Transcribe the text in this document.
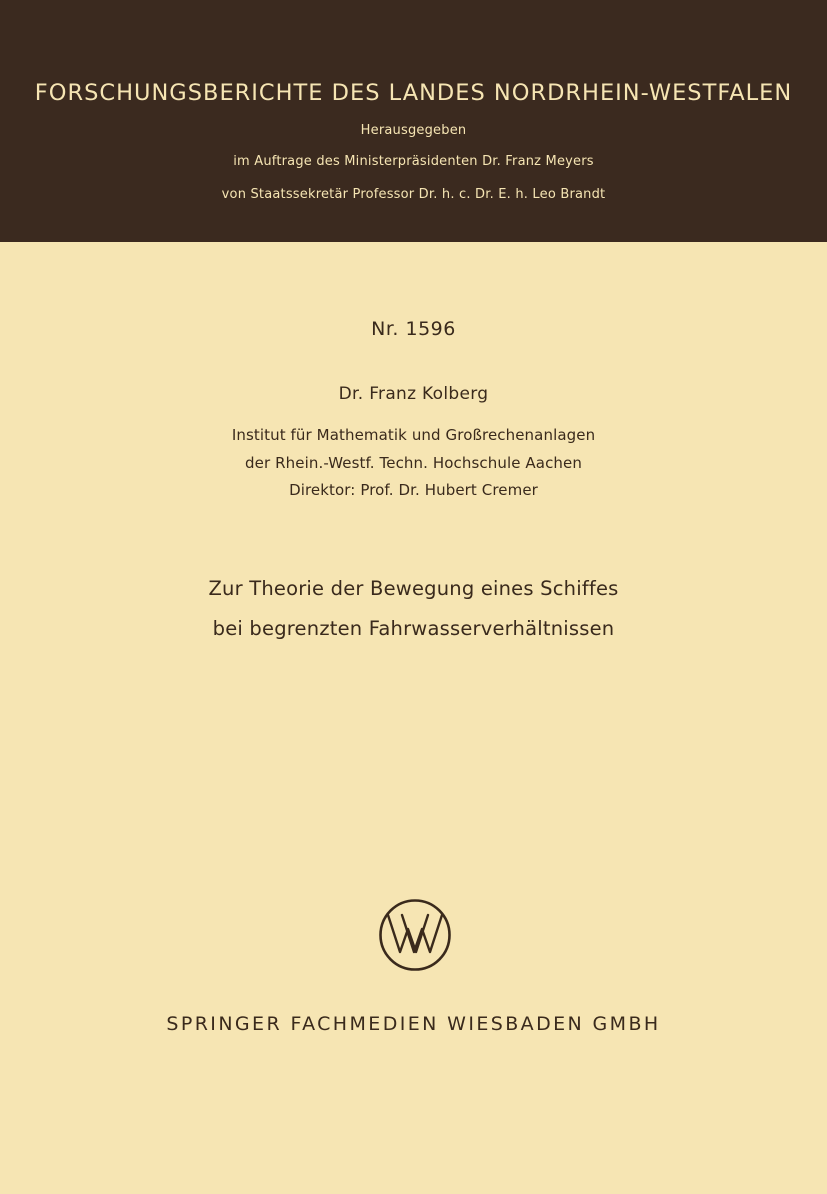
FORSCHUNGSBERICHTE DES LANDES NORDRHEIN-WESTFALEN
Herausgegeben
im Auftrage des Ministerpräsidenten Dr. Franz Meyers
von Staatssekretär Professor Dr. h. c. Dr. E. h. Leo Brandt
Nr. 1596
Dr. Franz Kolberg
Institut für Mathematik und Großrechenanlagen
der Rhein.-Westf. Techn. Hochschule Aachen
Direktor: Prof. Dr. Hubert Cremer
Zur Theorie der Bewegung eines Schiffes
bei begrenzten Fahrwasserverhältnissen
SPRINGER FACHMEDIEN WIESBADEN GMBH
